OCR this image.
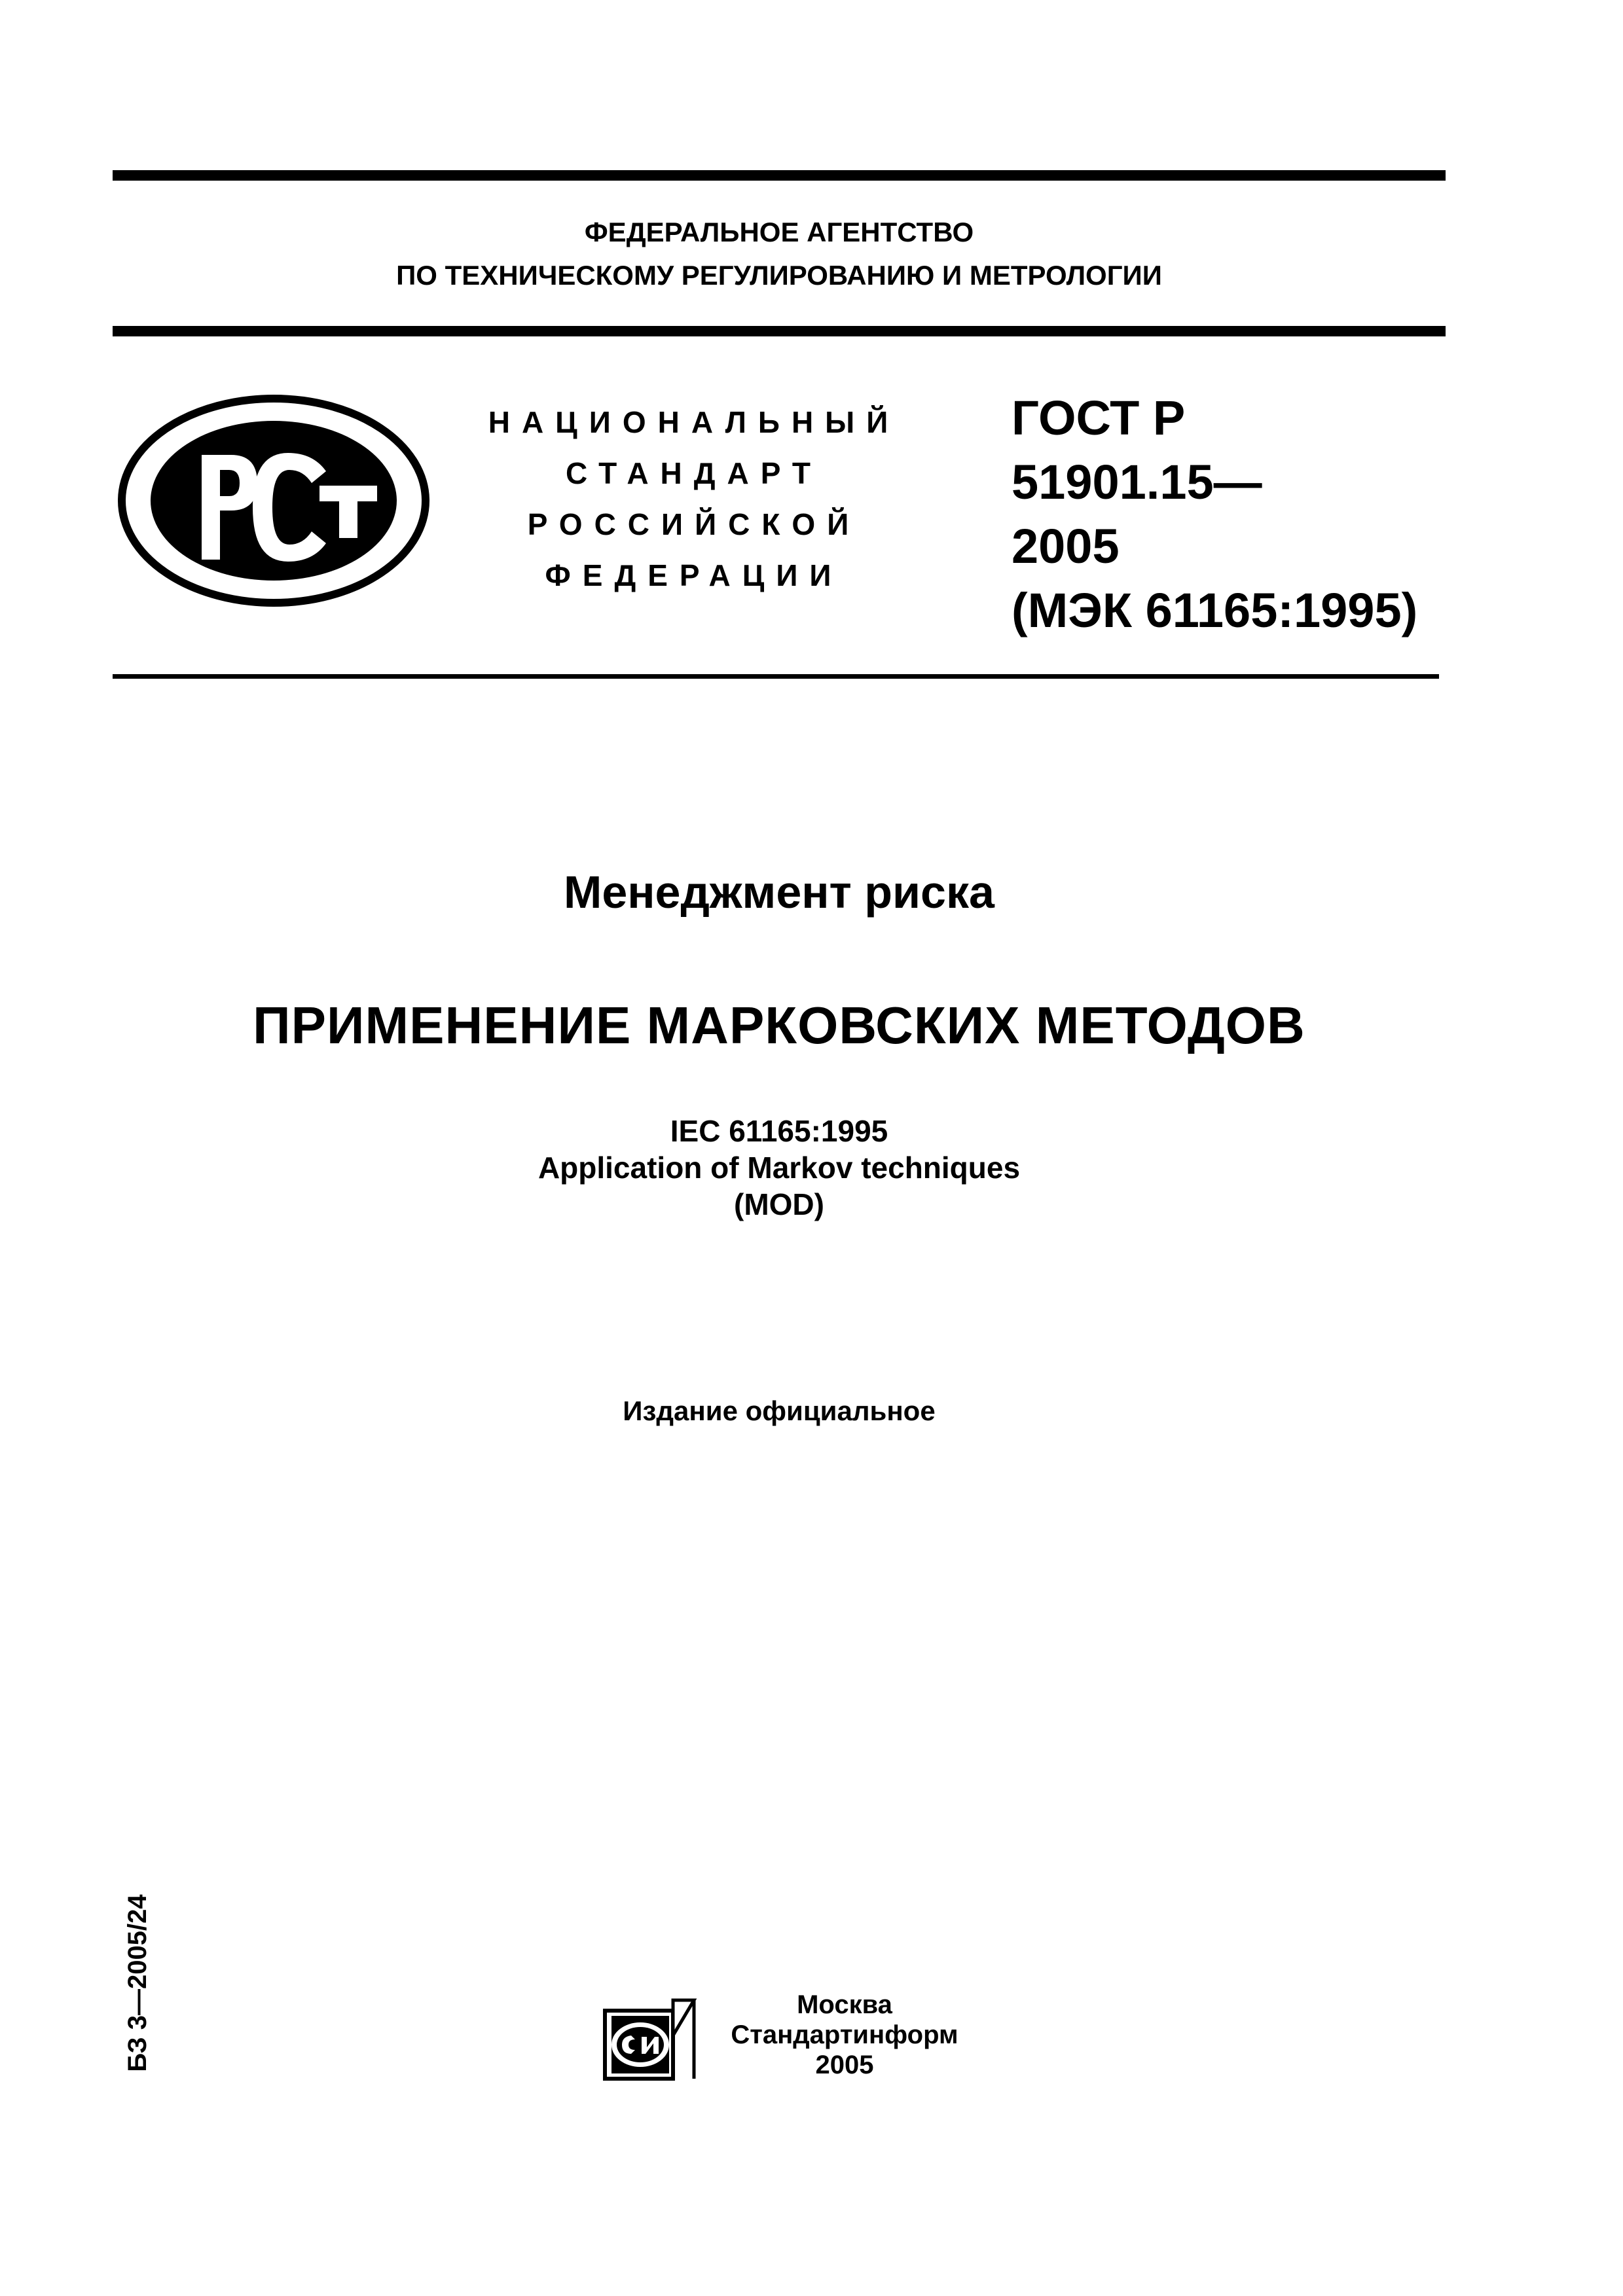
ФЕДЕРАЛЬНОЕ АГЕНТСТВО
ПО ТЕХНИЧЕСКОМУ РЕГУЛИРОВАНИЮ И МЕТРОЛОГИИ
НАЦИОНАЛЬНЫЙ
СТАНДАРТ
РОССИЙСКОЙ
ФЕДЕРАЦИИ
ГОСТ Р
51901.15—
2005
(МЭК 61165:1995)
Менеджмент риска
ПРИМЕНЕНИЕ МАРКОВСКИХ МЕТОДОВ
IEC 61165:1995
Application of Markov techniques
(MOD)
Издание официальное
БЗ 3—2005/24	Москва
Стандартинформ
2005
